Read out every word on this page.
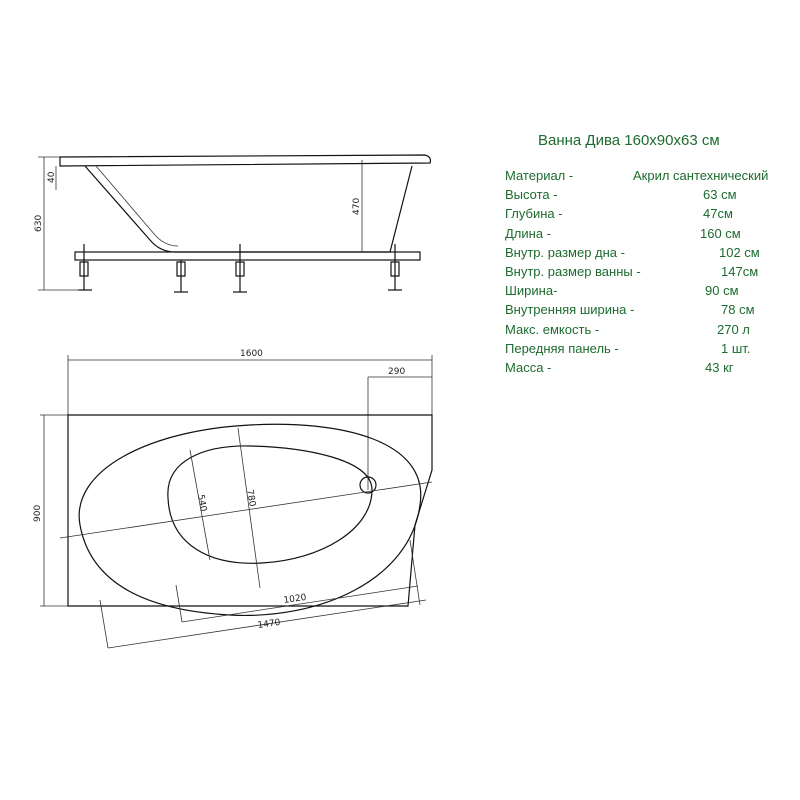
40
630
470
1600
290
900
540	780
1020
1470
Ванна Дива 160х90х63 см
Материал -	Акрил сантехнический
Высота -	63 см
Глубина -	47см
Длина -	160 см
Внутр. размер дна -	102 см
Внутр. размер ванны -	147см
Ширина-	90 см
Внутренняя ширина -	78 см
Макс. емкость -	270 л
Передняя панель -	1 шт.
Масса -	43 кг
